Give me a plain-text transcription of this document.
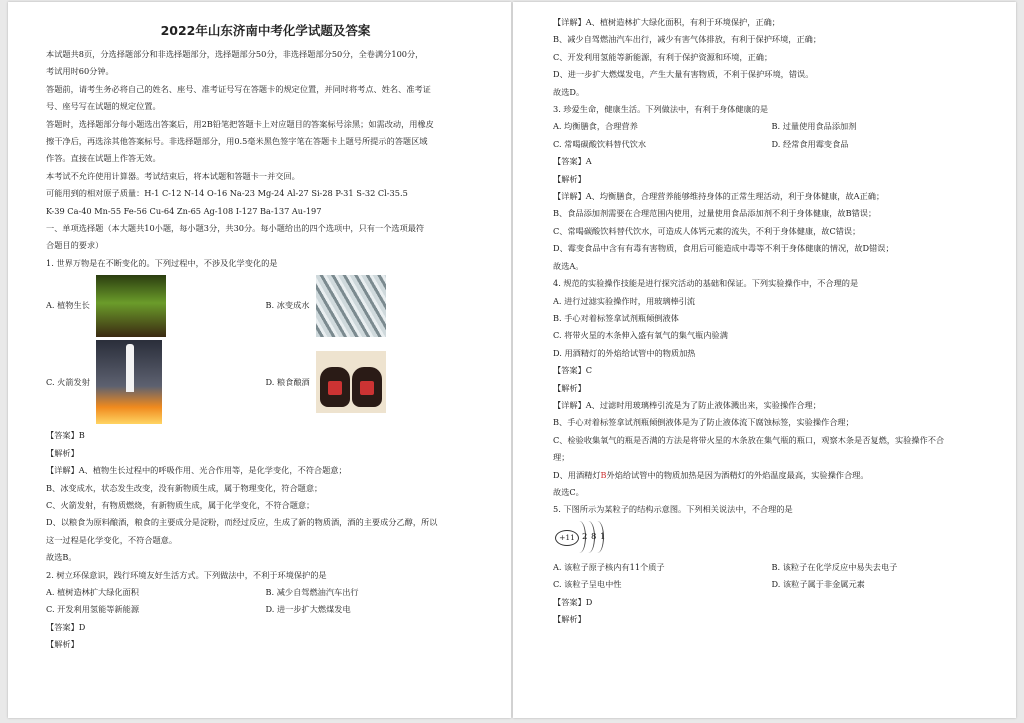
2022年山东济南中考化学试题及答案
本试题共8页，分选择题部分和非选择题部分，选择题部分50分，非选择题部分50分，全卷满分100分，
考试用时60分钟。
答题前，请考生务必将自己的姓名、座号、准考证号写在答题卡的规定位置，并同时将考点、姓名、准考证
号、座号写在试题的规定位置。
答题时，选择题部分每小题选出答案后，用2B铅笔把答题卡上对应题目的答案标号涂黑；如需改动，用橡皮
擦干净后，再选涂其他答案标号。非选择题部分，用0.5毫米黑色签字笔在答题卡上题号所提示的答题区域
作答。直接在试题上作答无效。
本考试不允许使用计算器。考试结束后，将本试题和答题卡一并交回。
可能用到的相对原子质量：H-1 C-12 N-14 O-16 Na-23 Mg-24 Al-27 Si-28 P-31 S-32 Cl-35.5
K-39 Ca-40 Mn-55 Fe-56 Cu-64 Zn-65 Ag-108 I-127 Ba-137 Au-197
一、单项选择题（本大题共10小题，每小题3分，共30分。每小题给出的四个选项中，只有一个选项最符
合题目的要求）
1. 世界万物是在不断变化的。下列过程中，不涉及化学变化的是
A. 植物生长	B. 冰变成水
C. 火箭发射	D. 粮食酿酒
【答案】B
【解析】
【详解】A、植物生长过程中的呼吸作用、光合作用等，是化学变化，不符合题意；
B、冰变成水，状态发生改变，没有新物质生成，属于物理变化，符合题意；
C、火箭发射，有物质燃烧，有新物质生成，属于化学变化，不符合题意；
D、以粮食为原料酿酒，粮食的主要成分是淀粉，而经过反应，生成了新的物质酒，酒的主要成分乙醇，所以
这一过程是化学变化，不符合题意。
故选B。
2. 树立环保意识，践行环境友好生活方式。下列做法中，不利于环境保护的是
A. 植树造林扩大绿化面积	B. 减少自驾燃油汽车出行
C. 开发利用氢能等新能源	D. 进一步扩大燃煤发电
【答案】D
【解析】
【详解】A、植树造林扩大绿化面积，有利于环境保护，正确；
B、减少自驾燃油汽车出行，减少有害气体排放，有利于保护环境，正确；
C、开发利用氢能等新能源，有利于保护资源和环境，正确；
D、进一步扩大燃煤发电，产生大量有害物质，不利于保护环境，错误。
故选D。
3. 珍爱生命，健康生活。下列做法中，有利于身体健康的是
A. 均衡膳食，合理营养	B. 过量使用食品添加剂
C. 常喝碳酸饮料替代饮水	D. 经常食用霉变食品
【答案】A
【解析】
【详解】A、均衡膳食，合理营养能够维持身体的正常生理活动，利于身体健康，故A正确；
B、食品添加剂需要在合理范围内使用，过量使用食品添加剂不利于身体健康，故B错误；
C、常喝碳酸饮料替代饮水，可造成人体钙元素的流失，不利于身体健康，故C错误；
D、霉变食品中含有有毒有害物质，食用后可能造成中毒等不利于身体健康的情况，故D错误；
故选A。
4. 规范的实验操作技能是进行探究活动的基础和保证。下列实验操作中，不合理的是
A. 进行过滤实验操作时，用玻璃棒引流
B. 手心对着标签拿试剂瓶倾倒液体
C. 将带火星的木条伸入盛有氧气的集气瓶内验满
D. 用酒精灯的外焰给试管中的物质加热
【答案】C
【解析】
【详解】A、过滤时用玻璃棒引流是为了防止液体溅出来，实验操作合理；
B、手心对着标签拿试剂瓶倾倒液体是为了防止液体流下腐蚀标签，实验操作合理；
C、检验收集氧气的瓶是否满的方法是将带火星的木条放在集气瓶的瓶口，观察木条是否复燃，实验操作不合
理；
D、用酒精灯B外焰给试管中的物质加热是因为酒精灯的外焰温度最高，实验操作合理。
故选C。
5. 下图所示为某粒子的结构示意图。下列相关说法中，不合理的是
+11 2 8 1
A. 该粒子原子核内有11个质子	B. 该粒子在化学反应中易失去电子
C. 该粒子呈电中性	D. 该粒子属于非金属元素
【答案】D
【解析】
